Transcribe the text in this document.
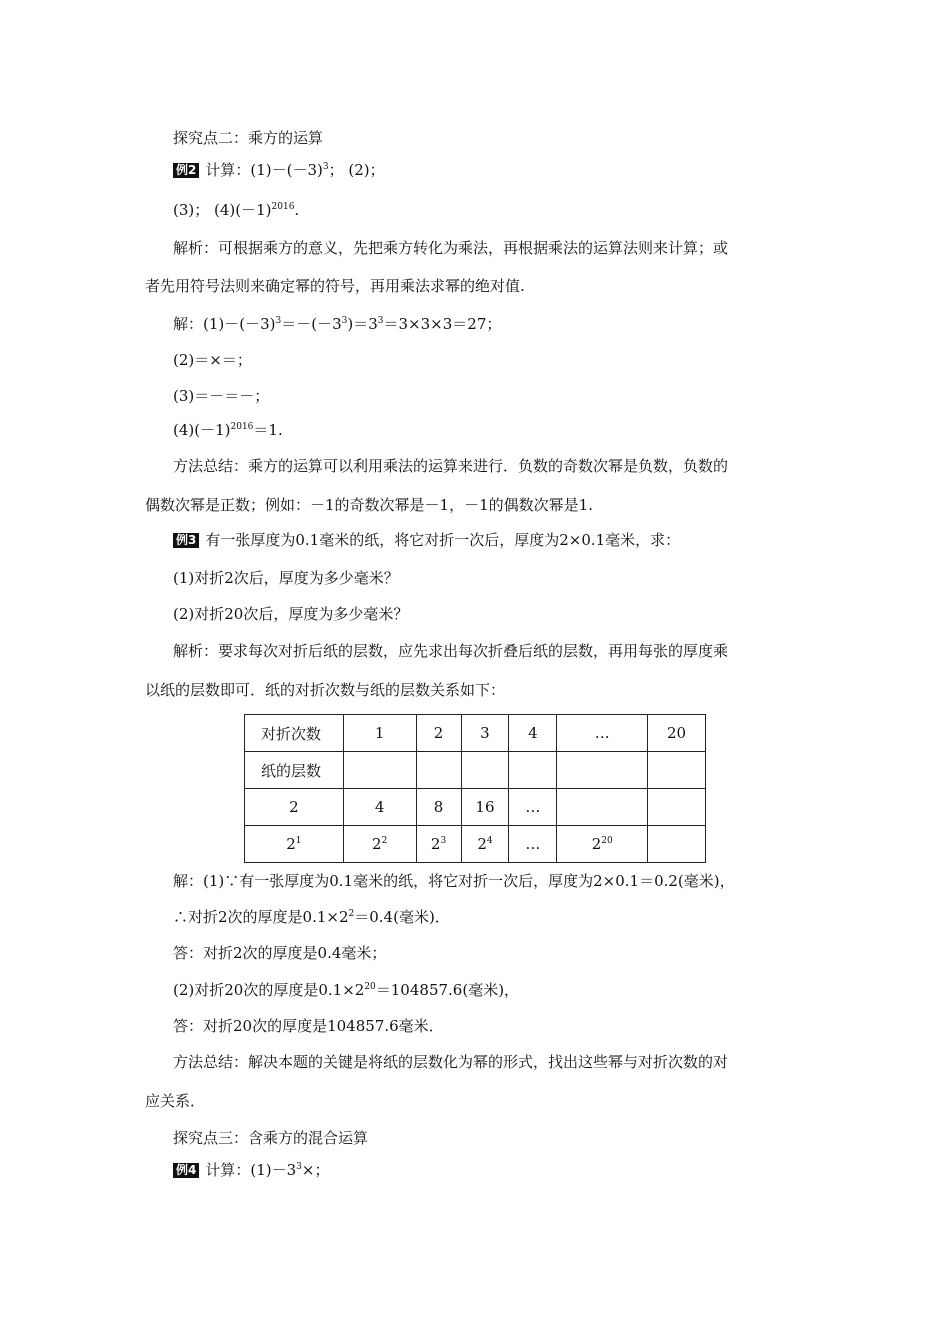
探究点二：乘方的运算
例2 计算：$(1)-(-3)^3$； (2)；
(3)； $(4)(-1)^{2016}$.
解析：可根据乘方的意义，先把乘方转化为乘法，再根据乘法的运算法则来计算；或
者先用符号法则来确定幂的符号，再用乘法求幂的绝对值.
解：$(1)-(-3)^3=-(-3^3)=3^3=3\times 3\times 3=27$；
(2)＝×＝；
(3)＝－＝－；
$(4)(-1)^{2016}=1$.
方法总结：乘方的运算可以利用乘法的运算来进行．负数的奇数次幂是负数，负数的
偶数次幂是正数；例如：－1的奇数次幂是－1，－1的偶数次幂是1.
例3 有一张厚度为0.1毫米的纸，将它对折一次后，厚度为2×0.1毫米，求：
(1)对折2次后，厚度为多少毫米？
(2)对折20次后，厚度为多少毫米？
解析：要求每次对折后纸的层数，应先求出每次折叠后纸的层数，再用每张的厚度乘
以纸的层数即可．纸的对折次数与纸的层数关系如下：
对折次数	1	2	3	4	…	20
纸的层数						
2	4	8	16	…		
$2^1$	$2^2$	$2^3$	$2^4$	…	$2^{20}$	
解：(1)∵有一张厚度为0.1毫米的纸，将它对折一次后，厚度为2×0.1＝0.2(毫米)，
∴对折2次的厚度是$0.1\times 2^2=0.4$(毫米)．
答：对折2次的厚度是0.4毫米；
(2)对折20次的厚度是$0.1\times 2^{20}=104857.6$(毫米)，
答：对折20次的厚度是104857.6毫米．
方法总结：解决本题的关键是将纸的层数化为幂的形式，找出这些幂与对折次数的对
应关系．
探究点三：含乘方的混合运算
例4 计算：$(1)-3^3\times$；
